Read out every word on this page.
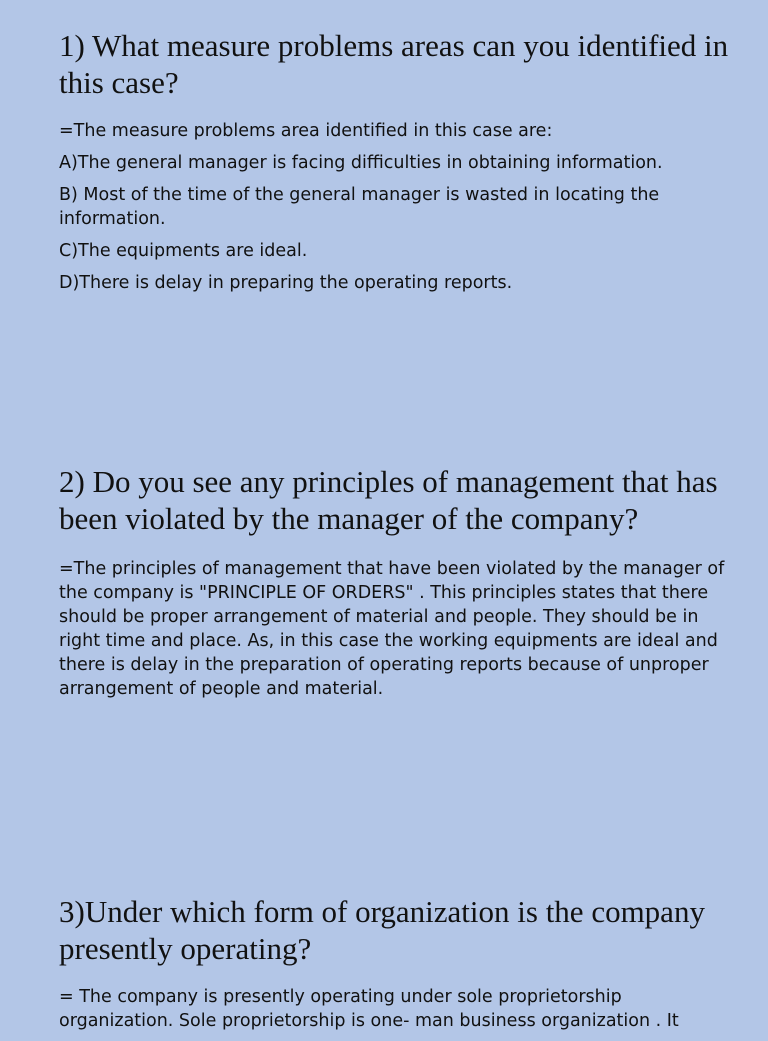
1) What measure problems areas can you identified in this case?

=The measure problems area identified in this case are:

A)The general manager is facing difficulties in obtaining information.

B) Most of the time of the general manager is wasted in locating the information.

C)The equipments are ideal.

D)There is delay in preparing the operating reports.

2) Do you see any principles of management that has been violated by the manager of the company?

=The principles of management that have been violated by the manager of the company is "PRINCIPLE OF ORDERS" . This principles states that there should be proper arrangement of material and people. They should be in right time and place. As, in this case the working equipments are ideal and there is delay in the preparation of operating reports because of unproper arrangement of people and material.

3)Under which form of organization is the company presently operating?

= The company is presently operating under sole proprietorship organization. Sole proprietorship is one- man business organization . It
